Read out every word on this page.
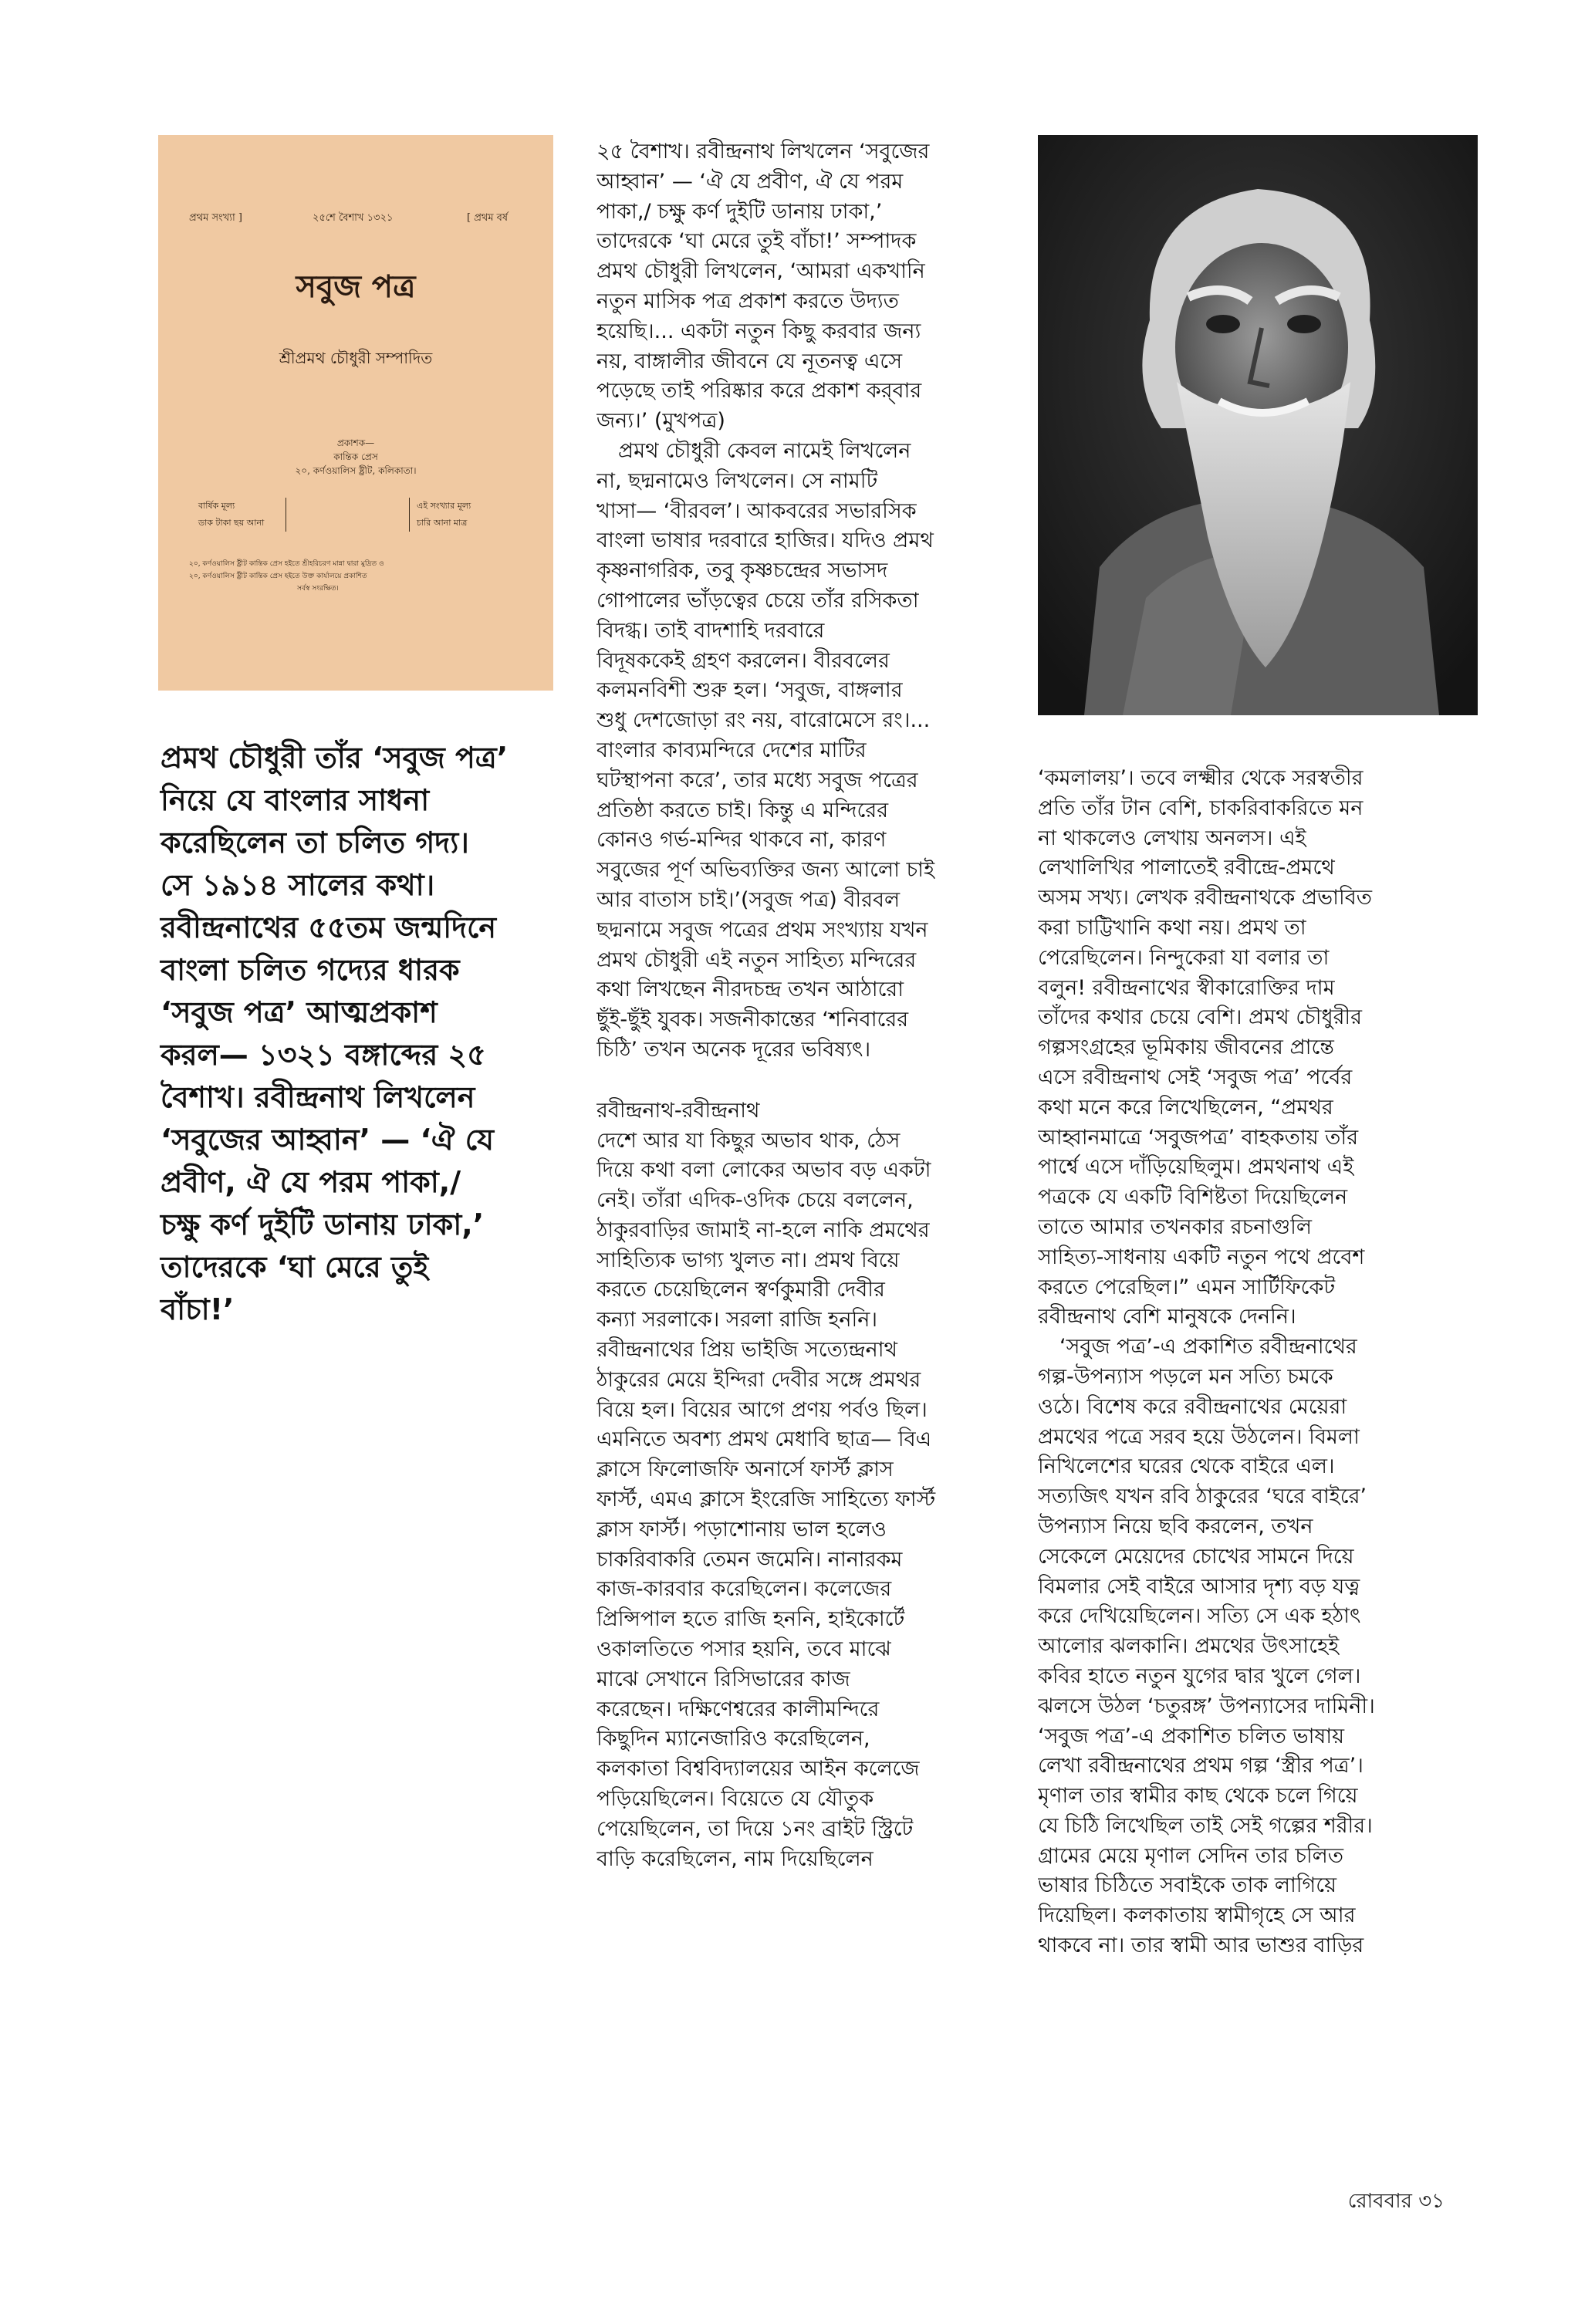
প্রথম সংখ্যা ]	২৫শে বৈশাখ ১৩২১	[ প্রথম বর্ষ
সবুজ পত্র
শ্রীপ্রমথ চৌধুরী সম্পাদিত
প্রকাশক—
কান্তিক প্রেস
২০, কর্ণওয়ালিস ষ্ট্রীট, কলিকাতা।
বার্ষিক মূল্য
ডাক টাকা ছয় আনা
এই সংখ্যার মূল্য
চারি আনা মাত্র
২০, কর্ণওয়ালিস ষ্ট্রীট কান্তিক প্রেস হইতে শ্রীহরিচরণ মান্না দ্বারা মুদ্রিত ও
২০, কর্ণওয়ালিস ষ্ট্রীট কান্তিক প্রেস হইতে উক্ত কার্যালয়ে প্রকাশিত
সর্বস্ব সংরক্ষিত।
প্রমথ চৌধুরী তাঁর ‘সবুজ পত্র’
নিয়ে যে বাংলার সাধনা
করেছিলেন তা চলিত গদ্য।
সে ১৯১৪ সালের কথা।
রবীন্দ্রনাথের ৫৫তম জন্মদিনে
বাংলা চলিত গদ্যের ধারক
‘সবুজ পত্র’ আত্মপ্রকাশ
করল— ১৩২১ বঙ্গাব্দের ২৫
বৈশাখ। রবীন্দ্রনাথ লিখলেন
‘সবুজের আহ্বান’ — ‘ঐ যে
প্রবীণ, ঐ যে পরম পাকা,/
চক্ষু কর্ণ দুইটি ডানায় ঢাকা,’
তাদেরকে ‘ঘা মেরে তুই
বাঁচা!’
২৫ বৈশাখ। রবীন্দ্রনাথ লিখলেন ‘সবুজের
আহ্বান’ — ‘ঐ যে প্রবীণ, ঐ যে পরম
পাকা,/ চক্ষু কর্ণ দুইটি ডানায় ঢাকা,’
তাদেরকে ‘ঘা মেরে তুই বাঁচা!’ সম্পাদক
প্রমথ চৌধুরী লিখলেন, ‘আমরা একখানি
নতুন মাসিক পত্র প্রকাশ করতে উদ্যত
হয়েছি।... একটা নতুন কিছু করবার জন্য
নয়, বাঙ্গালীর জীবনে যে নূতনত্ব এসে
পড়েছে তাই পরিষ্কার করে প্রকাশ কর্‌বার
জন্য।’ (মুখপত্র)
প্রমথ চৌধুরী কেবল নামেই লিখলেন
না, ছদ্মনামেও লিখলেন। সে নামটি
খাসা— ‘বীরবল’। আকবরের সভারসিক
বাংলা ভাষার দরবারে হাজির। যদিও প্রমথ
কৃষ্ণনাগরিক, তবু কৃষ্ণচন্দ্রের সভাসদ
গোপালের ভাঁড়ত্বের চেয়ে তাঁর রসিকতা
বিদগ্ধ। তাই বাদশাহি দরবারে
বিদূষককেই গ্রহণ করলেন। বীরবলের
কলমনবিশী শুরু হল। ‘সবুজ, বাঙ্গলার
শুধু দেশজোড়া রং নয়, বারোমেসে রং।...
বাংলার কাব্যমন্দিরে দেশের মাটির
ঘটস্থাপনা করে’, তার মধ্যে সবুজ পত্রের
প্রতিষ্ঠা করতে চাই। কিন্তু এ মন্দিরের
কোনও গর্ভ-মন্দির থাকবে না, কারণ
সবুজের পূর্ণ অভিব্যক্তির জন্য আলো চাই
আর বাতাস চাই।’(সবুজ পত্র) বীরবল
ছদ্মনামে সবুজ পত্রের প্রথম সংখ্যায় যখন
প্রমথ চৌধুরী এই নতুন সাহিত্য মন্দিরের
কথা লিখছেন নীরদচন্দ্র তখন আঠারো
ছুঁই-ছুঁই যুবক। সজনীকান্তের ‘শনিবারের
চিঠি’ তখন অনেক দূরের ভবিষ্যৎ।
রবীন্দ্রনাথ-রবীন্দ্রনাথ
দেশে আর যা কিছুর অভাব থাক, ঠেস
দিয়ে কথা বলা লোকের অভাব বড় একটা
নেই। তাঁরা এদিক-ওদিক চেয়ে বললেন,
ঠাকুরবাড়ির জামাই না-হলে নাকি প্রমথের
সাহিত্যিক ভাগ্য খুলত না। প্রমথ বিয়ে
করতে চেয়েছিলেন স্বর্ণকুমারী দেবীর
কন্যা সরলাকে। সরলা রাজি হননি।
রবীন্দ্রনাথের প্রিয় ভাইজি সত্যেন্দ্রনাথ
ঠাকুরের মেয়ে ইন্দিরা দেবীর সঙ্গে প্রমথর
বিয়ে হল। বিয়ের আগে প্রণয় পর্বও ছিল।
এমনিতে অবশ্য প্রমথ মেধাবি ছাত্র— বিএ
ক্লাসে ফিলোজফি অনার্সে ফার্স্ট ক্লাস
ফার্স্ট, এমএ ক্লাসে ইংরেজি সাহিত্যে ফার্স্ট
ক্লাস ফার্স্ট। পড়াশোনায় ভাল হলেও
চাকরিবাকরি তেমন জমেনি। নানারকম
কাজ-কারবার করেছিলেন। কলেজের
প্রিন্সিপাল হতে রাজি হননি, হাইকোর্টে
ওকালতিতে পসার হয়নি, তবে মাঝে
মাঝে সেখানে রিসিভারের কাজ
করেছেন। দক্ষিণেশ্বরের কালীমন্দিরে
কিছুদিন ম্যানেজারিও করেছিলেন,
কলকাতা বিশ্ববিদ্যালয়ের আইন কলেজে
পড়িয়েছিলেন। বিয়েতে যে যৌতুক
পেয়েছিলেন, তা দিয়ে ১নং ব্রাইট স্ট্রিটে
বাড়ি করেছিলেন, নাম দিয়েছিলেন
‘কমলালয়’। তবে লক্ষ্মীর থেকে সরস্বতীর
প্রতি তাঁর টান বেশি, চাকরিবাকরিতে মন
না থাকলেও লেখায় অনলস। এই
লেখালিখির পালাতেই রবীন্দ্রে-প্রমথে
অসম সখ্য। লেখক রবীন্দ্রনাথকে প্রভাবিত
করা চাট্টিখানি কথা নয়। প্রমথ তা
পেরেছিলেন। নিন্দুকেরা যা বলার তা
বলুন! রবীন্দ্রনাথের স্বীকারোক্তির দাম
তাঁদের কথার চেয়ে বেশি। প্রমথ চৌধুরীর
গল্পসংগ্রহের ভূমিকায় জীবনের প্রান্তে
এসে রবীন্দ্রনাথ সেই ‘সবুজ পত্র’ পর্বের
কথা মনে করে লিখেছিলেন, “প্রমথর
আহ্বানমাত্রে ‘সবুজপত্র’ বাহকতায় তাঁর
পার্শ্বে এসে দাঁড়িয়েছিলুম। প্রমথনাথ এই
পত্রকে যে একটি বিশিষ্টতা দিয়েছিলেন
তাতে আমার তখনকার রচনাগুলি
সাহিত্য-সাধনায় একটি নতুন পথে প্রবেশ
করতে পেরেছিল।” এমন সার্টিফিকেট
রবীন্দ্রনাথ বেশি মানুষকে দেননি।
‘সবুজ পত্র’-এ প্রকাশিত রবীন্দ্রনাথের
গল্প-উপন্যাস পড়লে মন সত্যি চমকে
ওঠে। বিশেষ করে রবীন্দ্রনাথের মেয়েরা
প্রমথের পত্রে সরব হয়ে উঠলেন। বিমলা
নিখিলেশের ঘরের থেকে বাইরে এল।
সত্যজিৎ যখন রবি ঠাকুরের ‘ঘরে বাইরে’
উপন্যাস নিয়ে ছবি করলেন, তখন
সেকেলে মেয়েদের চোখের সামনে দিয়ে
বিমলার সেই বাইরে আসার দৃশ্য বড় যত্ন
করে দেখিয়েছিলেন। সত্যি সে এক হঠাৎ
আলোর ঝলকানি। প্রমথের উৎসাহেই
কবির হাতে নতুন যুগের দ্বার খুলে গেল।
ঝলসে উঠল ‘চতুরঙ্গ’ উপন্যাসের দামিনী।
‘সবুজ পত্র’-এ প্রকাশিত চলিত ভাষায়
লেখা রবীন্দ্রনাথের প্রথম গল্প ‘স্ত্রীর পত্র’।
মৃণাল তার স্বামীর কাছ থেকে চলে গিয়ে
যে চিঠি লিখেছিল তাই সেই গল্পের শরীর।
গ্রামের মেয়ে মৃণাল সেদিন তার চলিত
ভাষার চিঠিতে সবাইকে তাক লাগিয়ে
দিয়েছিল। কলকাতায় স্বামীগৃহে সে আর
থাকবে না। তার স্বামী আর ভাশুর বাড়ির
রোববার ৩১
